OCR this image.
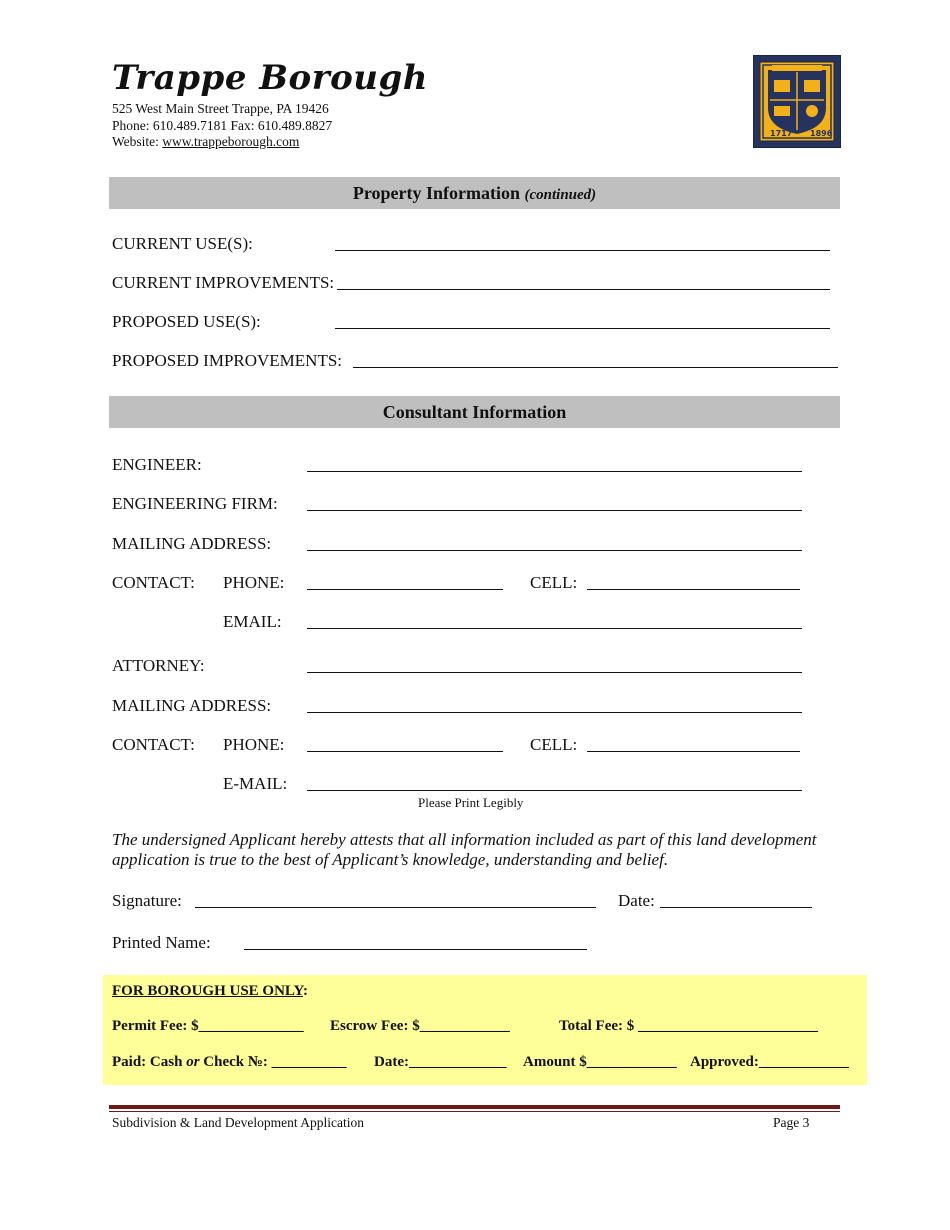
Trappe Borough
525 West Main Street Trappe, PA 19426
Phone: 610.489.7181 Fax: 610.489.8827
Website: www.trappeborough.com
1717 1896
Property Information (continued)
CURRENT USE(S):
CURRENT IMPROVEMENTS:
PROPOSED USE(S):
PROPOSED IMPROVEMENTS:
Consultant Information
ENGINEER:
ENGINEERING FIRM:
MAILING ADDRESS:
CONTACT: PHONE:	CELL:
EMAIL:
ATTORNEY:
MAILING ADDRESS:
CONTACT: PHONE:	CELL:
E-MAIL:
Please Print Legibly
The undersigned Applicant hereby attests that all information included as part of this land development application is true to the best of Applicant’s knowledge, understanding and belief.
Signature:	Date:
Printed Name:
FOR BOROUGH USE ONLY:
Permit Fee: $______________ Escrow Fee: $____________	Total Fee: $ ________________________
Paid: Cash or Check №: __________ Date:_____________ Amount $____________ Approved:____________
Subdivision & Land Development Application	Page 3
